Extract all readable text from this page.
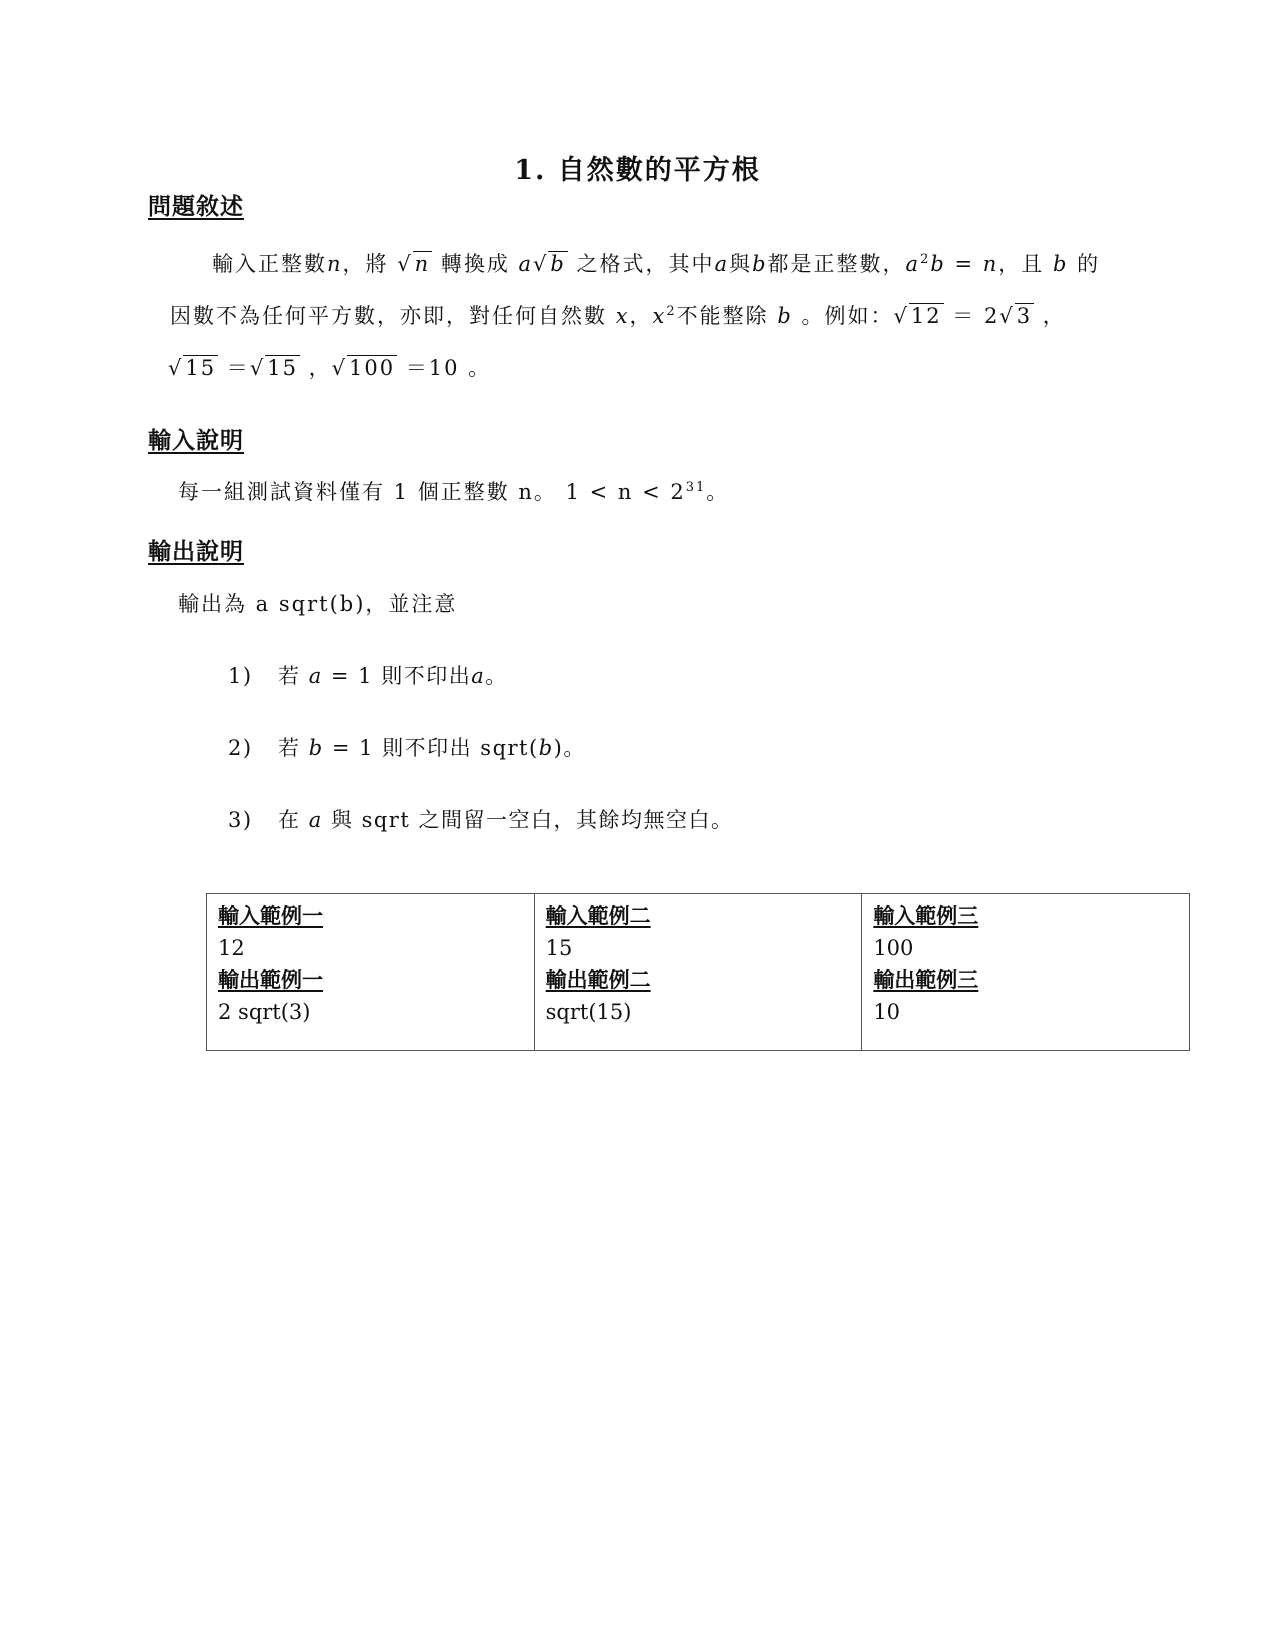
1. 自然數的平方根
問題敘述
輸入正整數n，將 √n 轉換成 a√b 之格式，其中a與b都是正整數，$a^2b = n$，且 b 的
因數不為任何平方數，亦即，對任何自然數 x，$x^2$不能整除 b 。例如：√12 ＝ 2√3 ，
√15 ＝√15 ，√100 ＝10 。
輸入說明
每一組測試資料僅有 1 個正整數 n。 $1 < n < 2^{31}$。
輸出說明
輸出為 a sqrt(b)，並注意
1) 若 a = 1 則不印出a。
2) 若 b = 1 則不印出 sqrt(b)。
3) 在 a 與 sqrt 之間留一空白，其餘均無空白。
輸入範例一
12
輸出範例一
2 sqrt(3)
	輸入範例二
15
輸出範例二
sqrt(15)
	輸入範例三
100
輸出範例三
10
